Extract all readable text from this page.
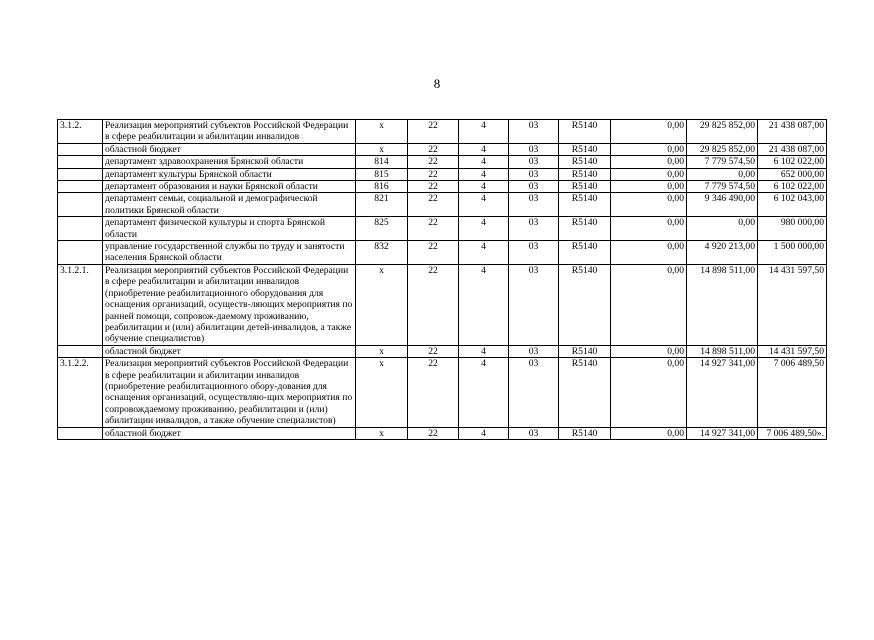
8
3.1.2.	Реализация мероприятий субъектов Российской Федерации в сфере реабилитации и абилитации инвалидов	х	22	4	03	R5140	0,00	29 825 852,00	21 438 087,00
	областной бюджет	х	22	4	03	R5140	0,00	29 825 852,00	21 438 087,00
	департамент здравоохранения Брянской области	814	22	4	03	R5140	0,00	7 779 574,50	6 102 022,00
	департамент культуры Брянской области	815	22	4	03	R5140	0,00	0,00	652 000,00
	департамент образования и науки Брянской области	816	22	4	03	R5140	0,00	7 779 574,50	6 102 022,00
	департамент семьи, социальной и демографической политики Брянской области	821	22	4	03	R5140	0,00	9 346 490,00	6 102 043,00
	департамент физической культуры и спорта Брянской области	825	22	4	03	R5140	0,00	0,00	980 000,00
	управление государственной службы по труду и занятости населения Брянской области	832	22	4	03	R5140	0,00	4 920 213,00	1 500 000,00
3.1.2.1.	Реализация мероприятий субъектов Российской Федерации в сфере реабилитации и абилитации инвалидов (приобретение реабилитационного оборудования для оснащения организаций, осуществ-ляющих мероприятия по ранней помощи, сопровож-даемому проживанию, реабилитации и (или) абилитации детей-инвалидов, а также обучение специалистов)	х	22	4	03	R5140	0,00	14 898 511,00	14 431 597,50
	областной бюджет	х	22	4	03	R5140	0,00	14 898 511,00	14 431 597,50
3.1.2.2.	Реализация мероприятий субъектов Российской Федерации в сфере реабилитации и абилитации инвалидов (приобретение реабилитационного обору-дования для оснащения организаций, осуществляю-щих мероприятия по сопровождаемому проживанию, реабилитации и (или) абилитации инвалидов, а также обучение специалистов)	х	22	4	03	R5140	0,00	14 927 341,00	7 006 489,50
	областной бюджет	х	22	4	03	R5140	0,00	14 927 341,00	7 006 489,50».
